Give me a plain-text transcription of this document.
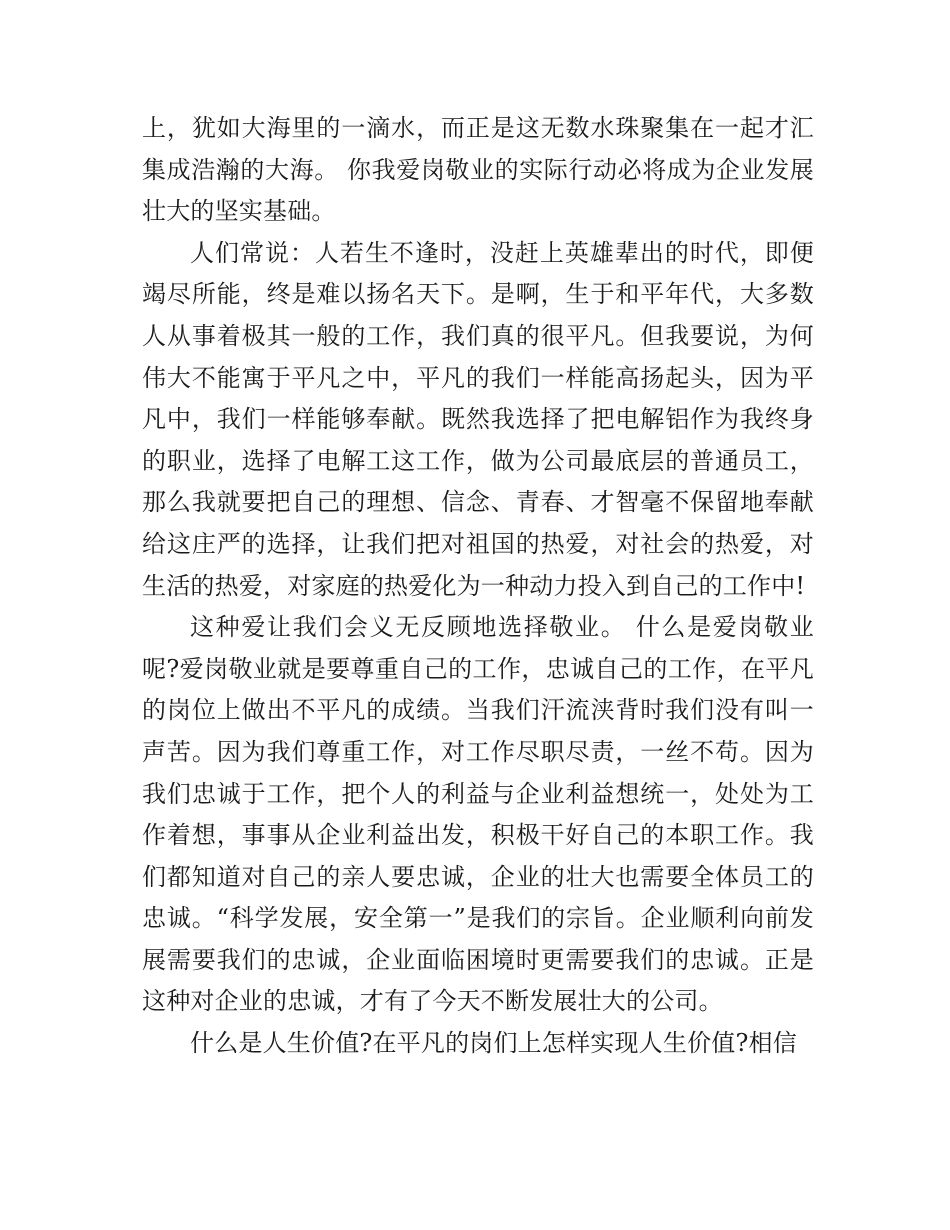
上，犹如大海里的一滴水，而正是这无数水珠聚集在一起才汇集成浩瀚的大海。 你我爱岗敬业的实际行动必将成为企业发展壮大的坚实基础。

人们常说：人若生不逢时，没赶上英雄辈出的时代，即便竭尽所能，终是难以扬名天下。是啊，生于和平年代，大多数人从事着极其一般的工作，我们真的很平凡。但我要说，为何伟大不能寓于平凡之中，平凡的我们一样能高扬起头，因为平凡中，我们一样能够奉献。既然我选择了把电解铝作为我终身的职业，选择了电解工这工作，做为公司最底层的普通员工，那么我就要把自己的理想、信念、青春、才智毫不保留地奉献给这庄严的选择，让我们把对祖国的热爱，对社会的热爱，对生活的热爱，对家庭的热爱化为一种动力投入到自己的工作中!

这种爱让我们会义无反顾地选择敬业。 什么是爱岗敬业呢?爱岗敬业就是要尊重自己的工作，忠诚自己的工作，在平凡的岗位上做出不平凡的成绩。当我们汗流浃背时我们没有叫一声苦。因为我们尊重工作，对工作尽职尽责，一丝不苟。因为我们忠诚于工作，把个人的利益与企业利益想统一，处处为工作着想，事事从企业利益出发，积极干好自己的本职工作。我们都知道对自己的亲人要忠诚，企业的壮大也需要全体员工的忠诚。“科学发展，安全第一”是我们的宗旨。企业顺利向前发展需要我们的忠诚，企业面临困境时更需要我们的忠诚。正是这种对企业的忠诚，才有了今天不断发展壮大的公司。

什么是人生价值?在平凡的岗们上怎样实现人生价值?相信
